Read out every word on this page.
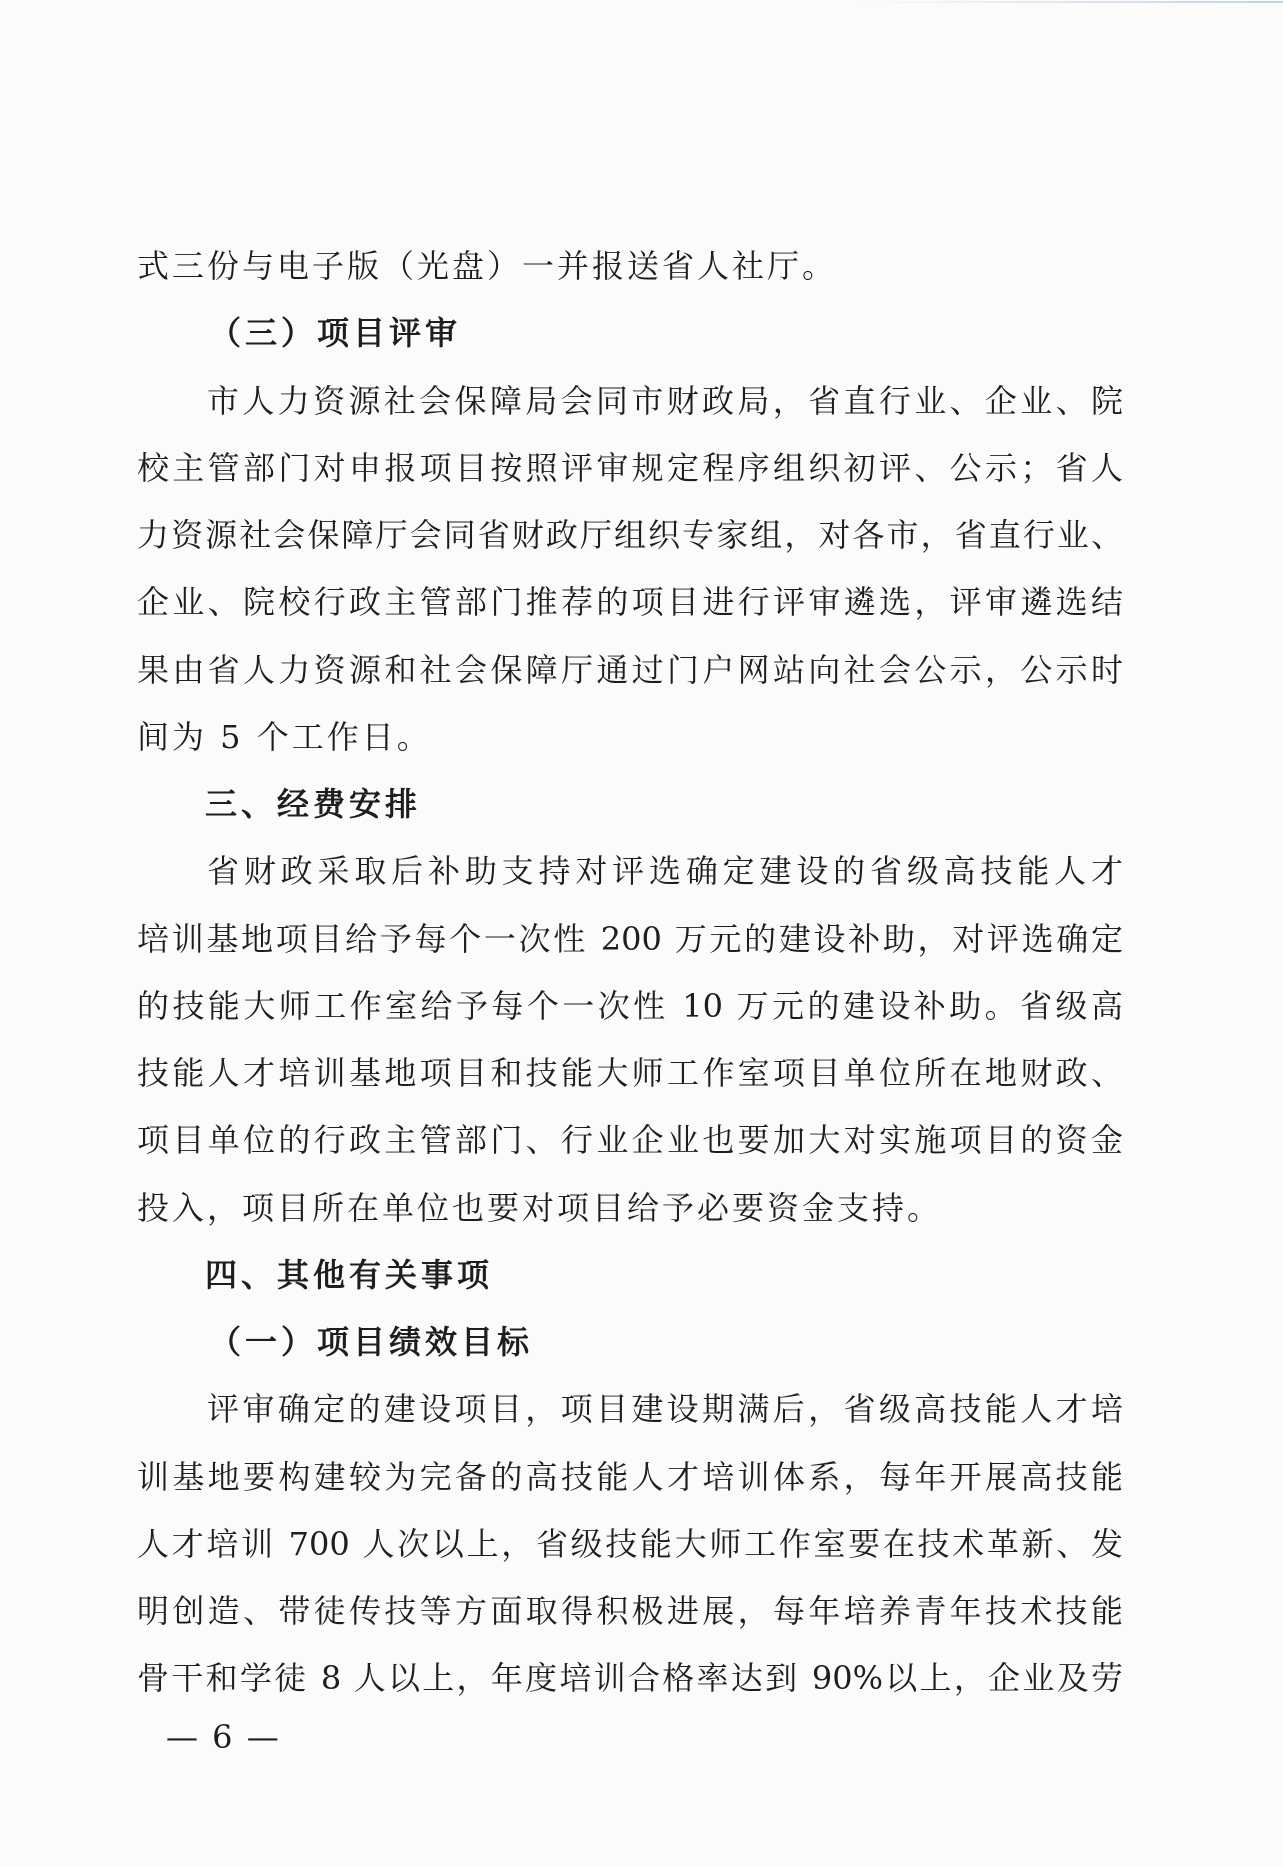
式三份与电子版（光盘）一并报送省人社厅。
（三）项目评审
市人力资源社会保障局会同市财政局，省直行业、企业、院
校主管部门对申报项目按照评审规定程序组织初评、公示；省人
力资源社会保障厅会同省财政厅组织专家组，对各市，省直行业、
企业、院校行政主管部门推荐的项目进行评审遴选，评审遴选结
果由省人力资源和社会保障厅通过门户网站向社会公示，公示时
间为 5 个工作日。
三、经费安排
省财政采取后补助支持对评选确定建设的省级高技能人才
培训基地项目给予每个一次性 200 万元的建设补助，对评选确定
的技能大师工作室给予每个一次性 10 万元的建设补助。省级高
技能人才培训基地项目和技能大师工作室项目单位所在地财政、
项目单位的行政主管部门、行业企业也要加大对实施项目的资金
投入，项目所在单位也要对项目给予必要资金支持。
四、其他有关事项
（一）项目绩效目标
评审确定的建设项目，项目建设期满后，省级高技能人才培
训基地要构建较为完备的高技能人才培训体系，每年开展高技能
人才培训 700 人次以上，省级技能大师工作室要在技术革新、发
明创造、带徒传技等方面取得积极进展，每年培养青年技术技能
骨干和学徒 8 人以上，年度培训合格率达到 90%以上，企业及劳
— 6 —
